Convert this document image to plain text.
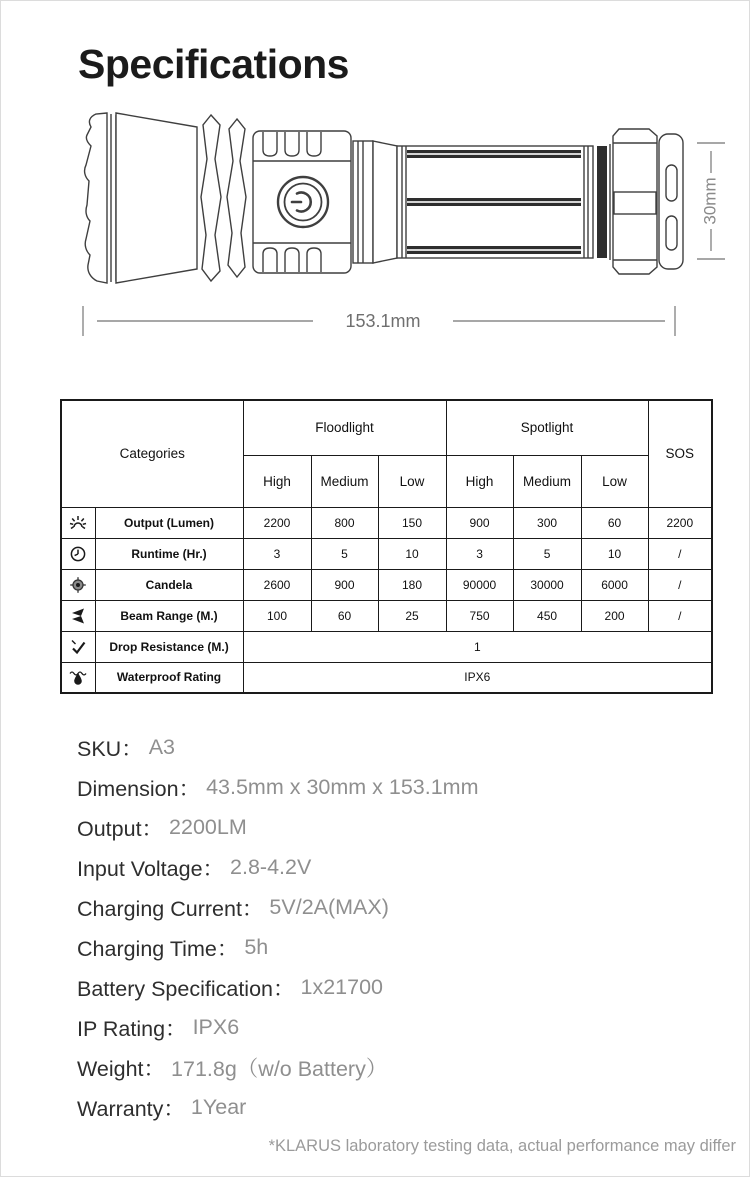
Specifications
30mm
153.1mm
Categories		Floodlight			Spotlight			SOS
		High	Medium	Low	High	Medium	Low	

	Output (Lumen)	2200	800	150	900	300	60	2200

	Runtime (Hr.)	3	5	10	3	5	10	/

	Candela	2600	900	180	90000	30000	6000	/

	Beam Range (M.)	100	60	25	750	450	200	/

	Drop Resistance (M.)	1						

	Waterproof Rating	IPX6						
SKU： A3
Dimension： 43.5mm x 30mm x 153.1mm
Output： 2200LM
Input Voltage： 2.8-4.2V
Charging Current： 5V/2A(MAX)
Charging Time： 5h
Battery Specification： 1x21700
IP Rating： IPX6
Weight： 171.8g（w/o Battery）
Warranty： 1Year
*KLARUS laboratory testing data, actual performance may differ
